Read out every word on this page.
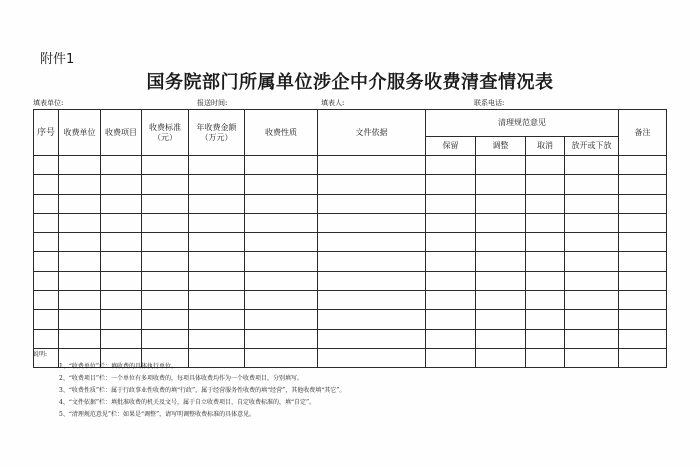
附件1
国务院部门所属单位涉企中介服务收费清查情况表
填表单位:	报送时间:	填表人:	联系电话:
序号	收费单位	收费项目	收费标准（元）	年收费金额（万元）	收费性质	文件依据	清理规范意见				备注
							保留	调整	取消	放开或下放	

说明:
1、“收费单位”栏：填收费的具体执行单位。
2、“收费项目”栏：一个单位有多项收费的，每项具体收费均作为一个收费项目，分别填写。
3、“收费性质”栏：属于行政事业性收费的填“行政”，属于经营服务性收费的填“经营”，其他收费填“其它”。
4、“文件依据”栏：填批准收费的机关及文号，属于自立收费项目、自定收费标准的，填“自定”。
5、“清理规范意见”栏：如果是“调整”，请写明调整收费标准的具体意见。
